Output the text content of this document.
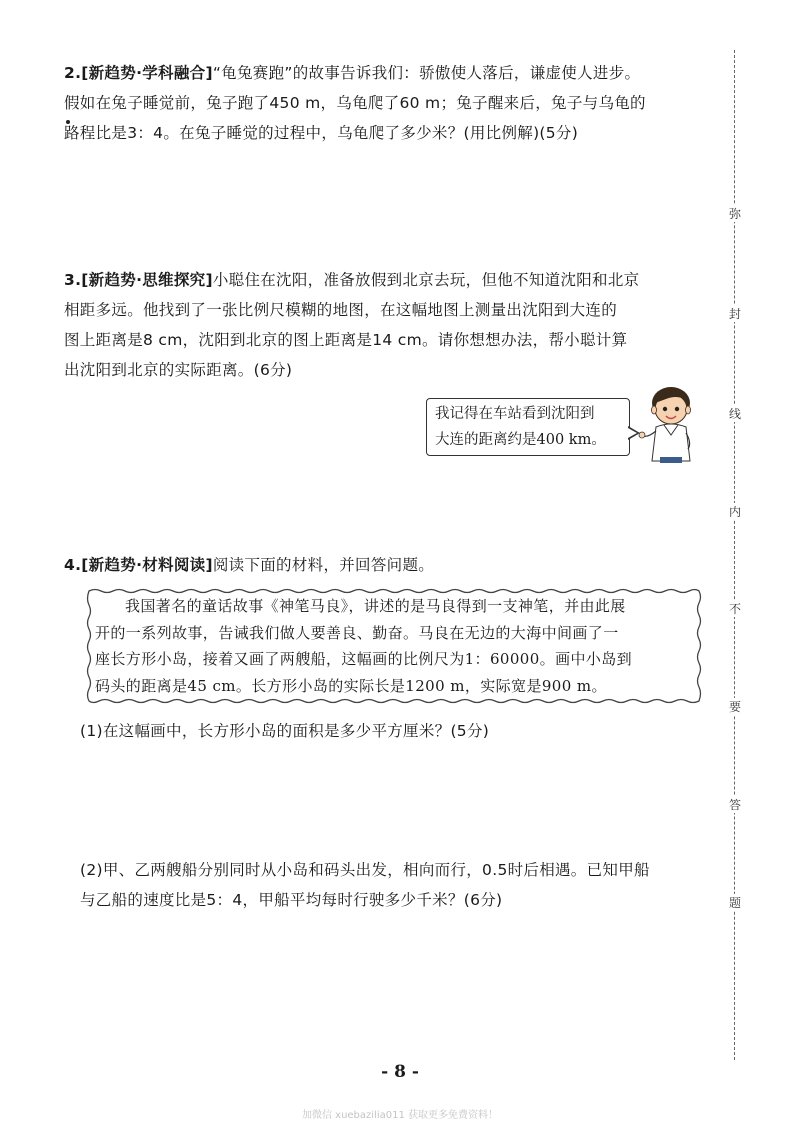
2.[新趋势·学科融合]“龟兔赛跑”的故事告诉我们：骄傲使人落后，谦虚使人进步。
假如在兔子睡觉前，兔子跑了450 m，乌龟爬了60 m；兔子醒来后，兔子与乌龟的
路程比是3：4。在兔子睡觉的过程中，乌龟爬了多少米？(用比例解)(5分)
3.[新趋势·思维探究]小聪住在沈阳，准备放假到北京去玩，但他不知道沈阳和北京
相距多远。他找到了一张比例尺模糊的地图，在这幅地图上测量出沈阳到大连的
图上距离是8 cm，沈阳到北京的图上距离是14 cm。请你想想办法，帮小聪计算
出沈阳到北京的实际距离。(6分)
我记得在车站看到沈阳到
大连的距离约是400 km。
4.[新趋势·材料阅读]阅读下面的材料，并回答问题。
我国著名的童话故事《神笔马良》，讲述的是马良得到一支神笔，并由此展
开的一系列故事，告诫我们做人要善良、勤奋。马良在无边的大海中间画了一
座长方形小岛，接着又画了两艘船，这幅画的比例尺为1：60000。画中小岛到
码头的距离是45 cm。长方形小岛的实际长是1200 m，实际宽是900 m。
(1)在这幅画中，长方形小岛的面积是多少平方厘米？(5分)
(2)甲、乙两艘船分别同时从小岛和码头出发，相向而行，0.5时后相遇。已知甲船
与乙船的速度比是5：4，甲船平均每时行驶多少千米？(6分)
弥
封
线
内
不
要
答
题
- 8 -
加微信 xuebazilia011 获取更多免费资料！
